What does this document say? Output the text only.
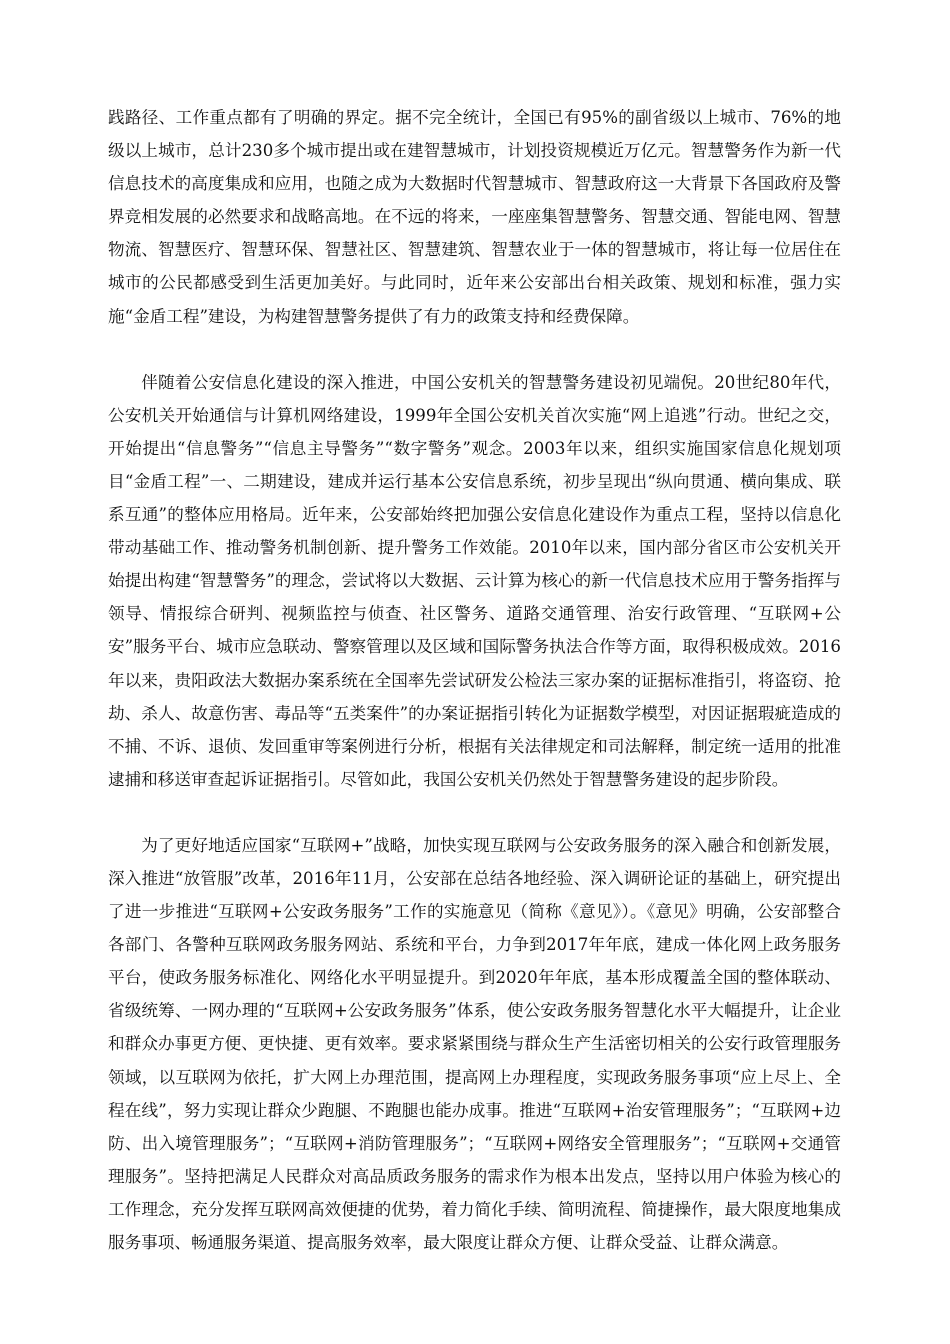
践路径、工作重点都有了明确的界定。据不完全统计，全国已有95%的副省级以上城市、76%的地级以上城市，总计230多个城市提出或在建智慧城市，计划投资规模近万亿元。智慧警务作为新一代信息技术的高度集成和应用，也随之成为大数据时代智慧城市、智慧政府这一大背景下各国政府及警界竞相发展的必然要求和战略高地。在不远的将来，一座座集智慧警务、智慧交通、智能电网、智慧物流、智慧医疗、智慧环保、智慧社区、智慧建筑、智慧农业于一体的智慧城市，将让每一位居住在城市的公民都感受到生活更加美好。与此同时，近年来公安部出台相关政策、规划和标准，强力实施“金盾工程”建设，为构建智慧警务提供了有力的政策支持和经费保障。

伴随着公安信息化建设的深入推进，中国公安机关的智慧警务建设初见端倪。20世纪80年代，公安机关开始通信与计算机网络建设，1999年全国公安机关首次实施“网上追逃”行动。世纪之交，开始提出“信息警务”“信息主导警务”“数字警务”观念。2003年以来，组织实施国家信息化规划项目“金盾工程”一、二期建设，建成并运行基本公安信息系统，初步呈现出“纵向贯通、横向集成、联系互通”的整体应用格局。近年来，公安部始终把加强公安信息化建设作为重点工程，坚持以信息化带动基础工作、推动警务机制创新、提升警务工作效能。2010年以来，国内部分省区市公安机关开始提出构建“智慧警务”的理念，尝试将以大数据、云计算为核心的新一代信息技术应用于警务指挥与领导、情报综合研判、视频监控与侦查、社区警务、道路交通管理、治安行政管理、“互联网+公安”服务平台、城市应急联动、警察管理以及区域和国际警务执法合作等方面，取得积极成效。2016年以来，贵阳政法大数据办案系统在全国率先尝试研发公检法三家办案的证据标准指引，将盗窃、抢劫、杀人、故意伤害、毒品等“五类案件”的办案证据指引转化为证据数学模型，对因证据瑕疵造成的不捕、不诉、退侦、发回重审等案例进行分析，根据有关法律规定和司法解释，制定统一适用的批准逮捕和移送审查起诉证据指引。尽管如此，我国公安机关仍然处于智慧警务建设的起步阶段。

为了更好地适应国家“互联网+”战略，加快实现互联网与公安政务服务的深入融合和创新发展，深入推进“放管服”改革，2016年11月，公安部在总结各地经验、深入调研论证的基础上，研究提出了进一步推进“互联网+公安政务服务”工作的实施意见（简称《意见》）。《意见》明确，公安部整合各部门、各警种互联网政务服务网站、系统和平台，力争到2017年年底，建成一体化网上政务服务平台，使政务服务标准化、网络化水平明显提升。到2020年年底，基本形成覆盖全国的整体联动、省级统筹、一网办理的“互联网+公安政务服务”体系，使公安政务服务智慧化水平大幅提升，让企业和群众办事更方便、更快捷、更有效率。要求紧紧围绕与群众生产生活密切相关的公安行政管理服务领域，以互联网为依托，扩大网上办理范围，提高网上办理程度，实现政务服务事项“应上尽上、全程在线”，努力实现让群众少跑腿、不跑腿也能办成事。推进“互联网+治安管理服务”；“互联网+边防、出入境管理服务”；“互联网+消防管理服务”；“互联网+网络安全管理服务”；“互联网+交通管理服务”。坚持把满足人民群众对高品质政务服务的需求作为根本出发点，坚持以用户体验为核心的工作理念，充分发挥互联网高效便捷的优势，着力简化手续、简明流程、简捷操作，最大限度地集成服务事项、畅通服务渠道、提高服务效率，最大限度让群众方便、让群众受益、让群众满意。
